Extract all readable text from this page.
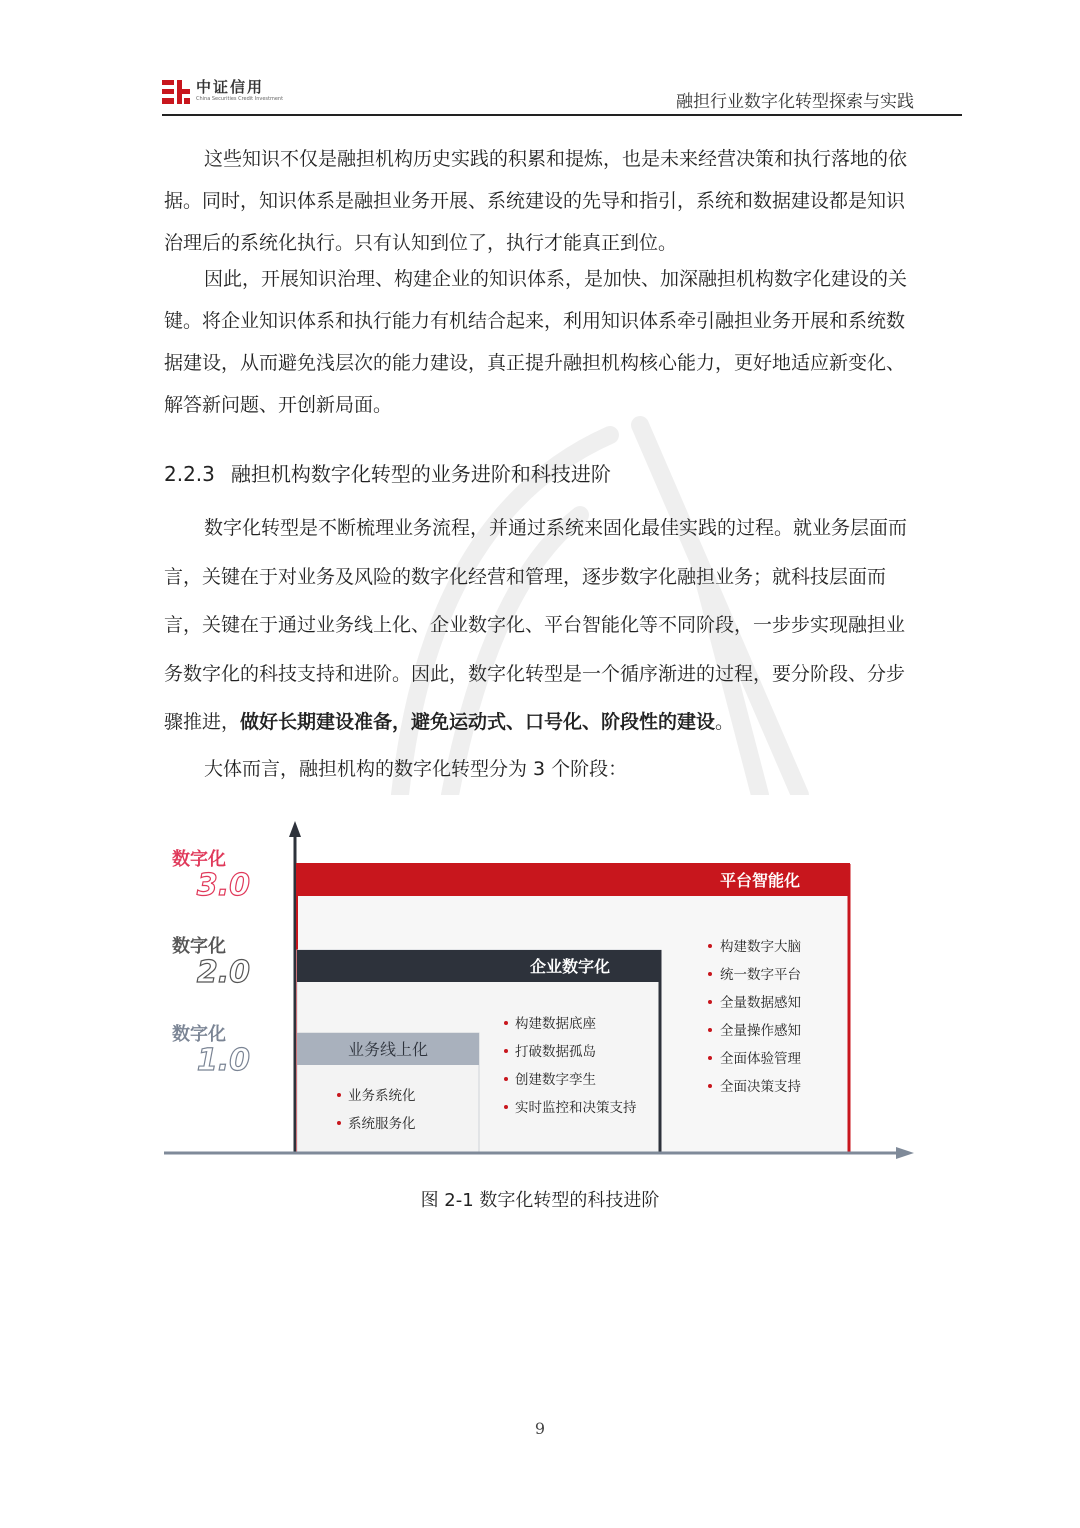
中证信用
China Securities Credit Investment	融担行业数字化转型探索与实践

这些知识不仅是融担机构历史实践的积累和提炼，也是未来经营决策和执行落地的依据。同时，知识体系是融担业务开展、系统建设的先导和指引，系统和数据建设都是知识治理后的系统化执行。只有认知到位了，执行才能真正到位。

因此，开展知识治理、构建企业的知识体系，是加快、加深融担机构数字化建设的关键。将企业知识体系和执行能力有机结合起来，利用知识体系牵引融担业务开展和系统数据建设，从而避免浅层次的能力建设，真正提升融担机构核心能力，更好地适应新变化、解答新问题、开创新局面。

2.2.3 融担机构数字化转型的业务进阶和科技进阶

数字化转型是不断梳理业务流程，并通过系统来固化最佳实践的过程。就业务层面而言，关键在于对业务及风险的数字化经营和管理，逐步数字化融担业务；就科技层面而言，关键在于通过业务线上化、企业数字化、平台智能化等不同阶段，一步步实现融担业务数字化的科技支持和进阶。因此，数字化转型是一个循序渐进的过程，要分阶段、分步骤推进，做好长期建设准备，避免运动式、口号化、阶段性的建设。

大体而言，融担机构的数字化转型分为 3 个阶段：

平台智能化
企业数字化
业务线上化
构建数字大脑
统一数字平台
全量数据感知
全量操作感知
全面体验管理
全面决策支持
构建数据底座
打破数据孤岛
创建数字孪生
实时监控和决策支持
业务系统化
系统服务化
数字化
3.0
数字化
2.0
数字化
1.0
图 2-1 数字化转型的科技进阶
9
